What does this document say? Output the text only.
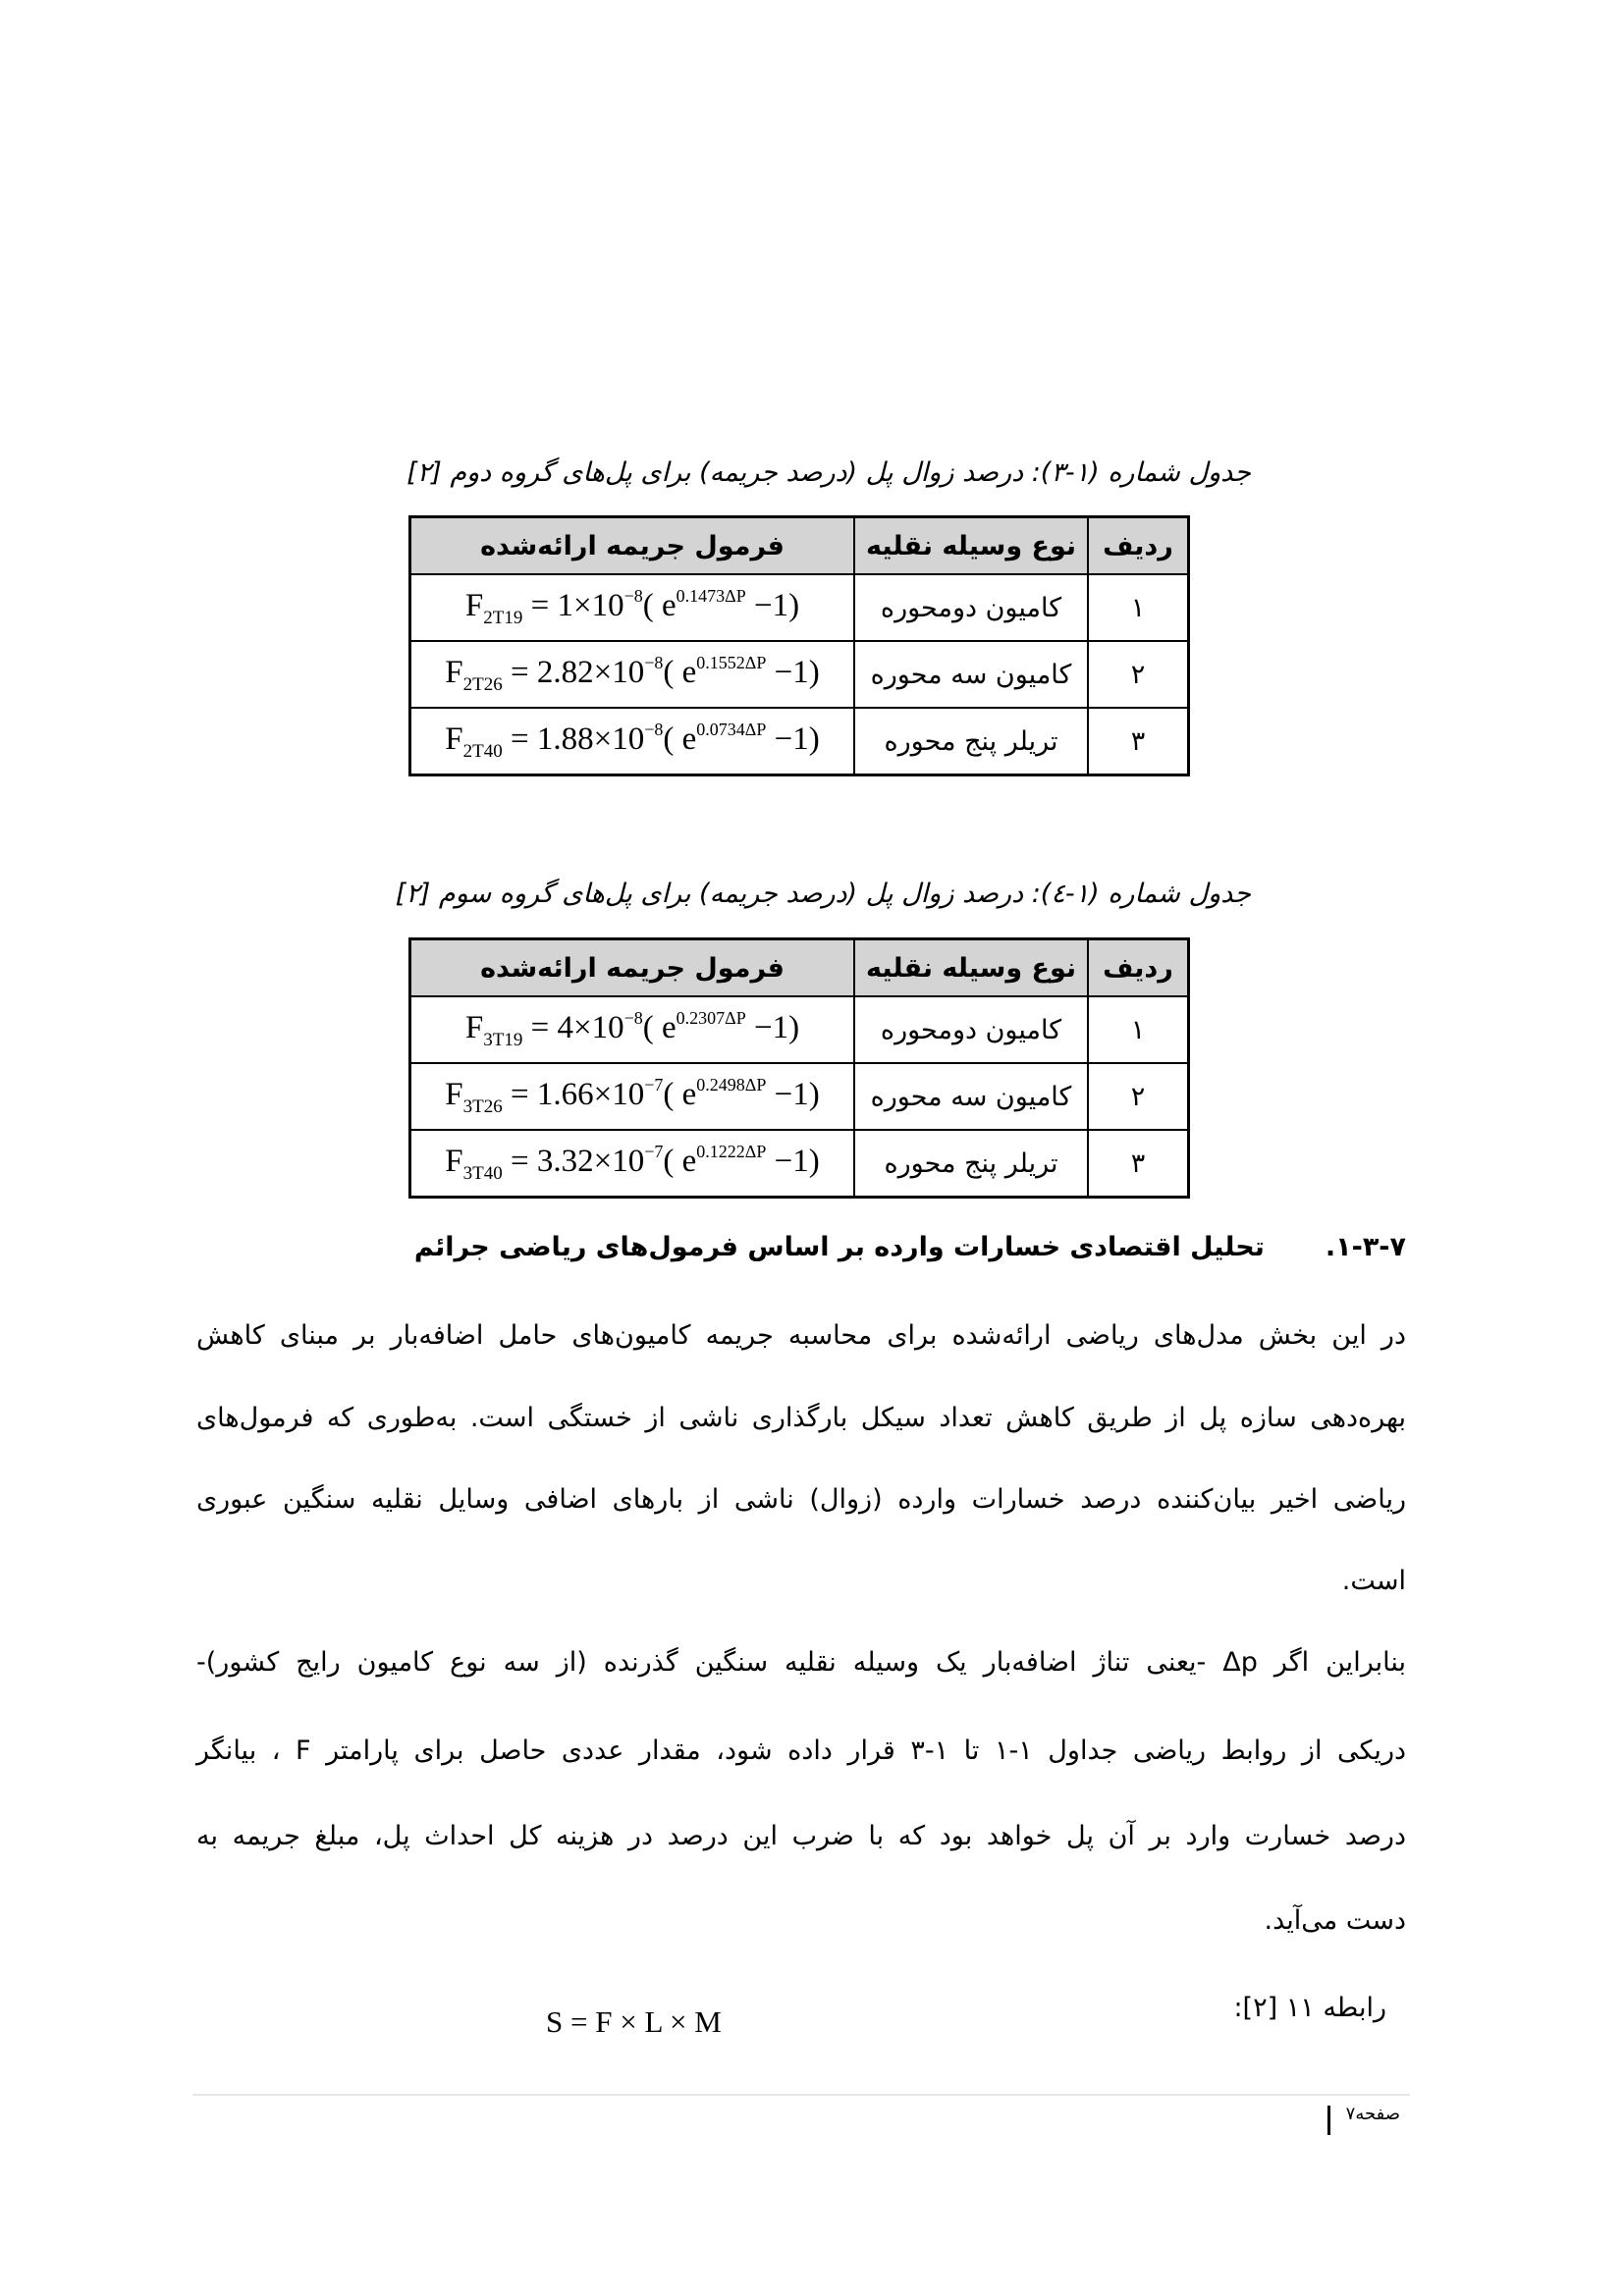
جدول شماره (۱-۳): درصد زوال پل (درصد جریمه) برای پل‌های گروه دوم [۲]
ردیف	نوع وسیله نقلیه	فرمول جریمه ارائه‌شده
۱	کامیون دومحوره	$F_{2T19} = 1\times 10^{-8}$( $e^{0.1473\Delta P} -1$)
۲	کامیون سه محوره	$F_{2T26} = 2.82\times 10^{-8}$( $e^{0.1552\Delta P} -1$)
۳	تریلر پنج محوره	$F_{2T40} = 1.88\times 10^{-8}$( $e^{0.0734\Delta P} -1$)
جدول شماره (۱-٤): درصد زوال پل (درصد جریمه) برای پل‌های گروه سوم [۲]
ردیف	نوع وسیله نقلیه	فرمول جریمه ارائه‌شده
۱	کامیون دومحوره	$F_{3T19} = 4\times 10^{-8}$( $e^{0.2307\Delta P} -1$)
۲	کامیون سه محوره	$F_{3T26} = 1.66\times 10^{-7}$( $e^{0.2498\Delta P} -1$)
۳	تریلر پنج محوره	$F_{3T40} = 3.32\times 10^{-7}$( $e^{0.1222\Delta P} -1$)
۱-۳-۷.تحلیل اقتصادی خسارات وارده بر اساس فرمول‌های ریاضی جرائم
در این بخش مدل‌های ریاضی ارائه‌شده برای محاسبه جریمه کامیون‌های حامل اضافه‌بار بر مبنای کاهش
بهره‌دهی سازه پل از طریق کاهش تعداد سیکل بارگذاری ناشی از خستگی است. به‌طوری که فرمول‌های
ریاضی اخیر بیان‌کننده درصد خسارات وارده (زوال) ناشی از بارهای اضافی وسایل نقلیه سنگین عبوری
است.
بنابراین اگر Δp -یعنی تناژ اضافه‌بار یک وسیله نقلیه سنگین گذرنده (از سه نوع کامیون رایج کشور)-
دریکی از روابط ریاضی جداول ۱-۱ تا ۱-۳ قرار داده شود، مقدار عددی حاصل برای پارامتر F ، بیانگر
درصد خسارت وارد بر آن پل خواهد بود که با ضرب این درصد در هزینه کل احداث پل، مبلغ جریمه به
دست می‌آید.
رابطه ۱۱ [۲]:
S = F × L × M
صفحه۷
